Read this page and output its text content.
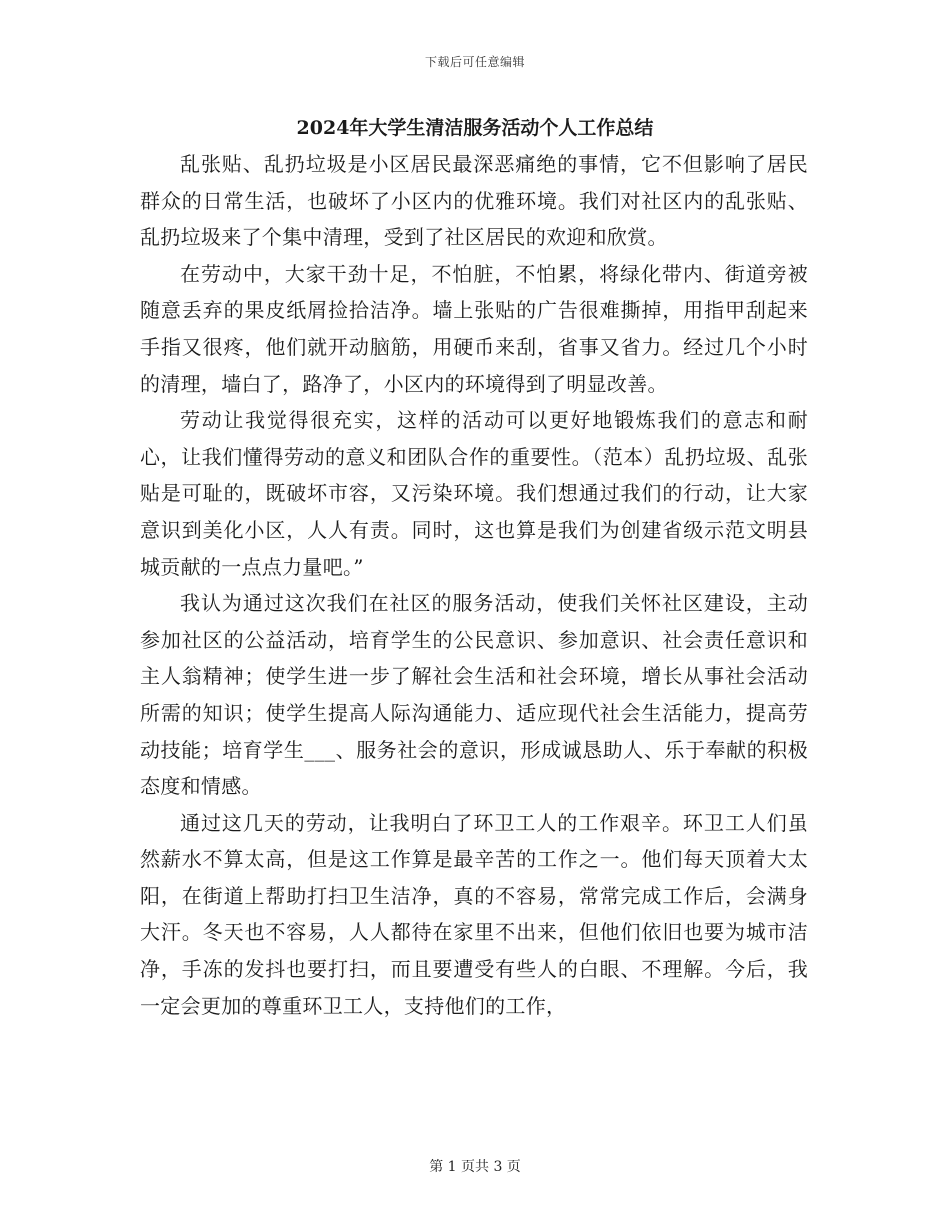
下载后可任意编辑
2024年大学生清洁服务活动个人工作总结

乱张贴、乱扔垃圾是小区居民最深恶痛绝的事情，它不但影响了居民群众的日常生活，也破坏了小区内的优雅环境。我们对社区内的乱张贴、乱扔垃圾来了个集中清理，受到了社区居民的欢迎和欣赏。

在劳动中，大家干劲十足，不怕脏，不怕累，将绿化带内、街道旁被随意丢弃的果皮纸屑捡拾洁净。墙上张贴的广告很难撕掉，用指甲刮起来手指又很疼，他们就开动脑筋，用硬币来刮，省事又省力。经过几个小时的清理，墙白了，路净了，小区内的环境得到了明显改善。

劳动让我觉得很充实，这样的活动可以更好地锻炼我们的意志和耐心，让我们懂得劳动的意义和团队合作的重要性。（范本）乱扔垃圾、乱张贴是可耻的，既破坏市容，又污染环境。我们想通过我们的行动，让大家意识到美化小区，人人有责。同时，这也算是我们为创建省级示范文明县城贡献的一点点力量吧。”

我认为通过这次我们在社区的服务活动，使我们关怀社区建设，主动参加社区的公益活动，培育学生的公民意识、参加意识、社会责任意识和主人翁精神；使学生进一步了解社会生活和社会环境，增长从事社会活动所需的知识；使学生提高人际沟通能力、适应现代社会生活能力，提高劳动技能；培育学生___、服务社会的意识，形成诚恳助人、乐于奉献的积极态度和情感。

通过这几天的劳动，让我明白了环卫工人的工作艰辛。环卫工人们虽然薪水不算太高，但是这工作算是最辛苦的工作之一。他们每天顶着大太阳，在街道上帮助打扫卫生洁净，真的不容易，常常完成工作后，会满身大汗。冬天也不容易，人人都待在家里不出来，但他们依旧也要为城市洁净，手冻的发抖也要打扫，而且要遭受有些人的白眼、不理解。今后，我一定会更加的尊重环卫工人，支持他们的工作，

第 1 页共 3 页
